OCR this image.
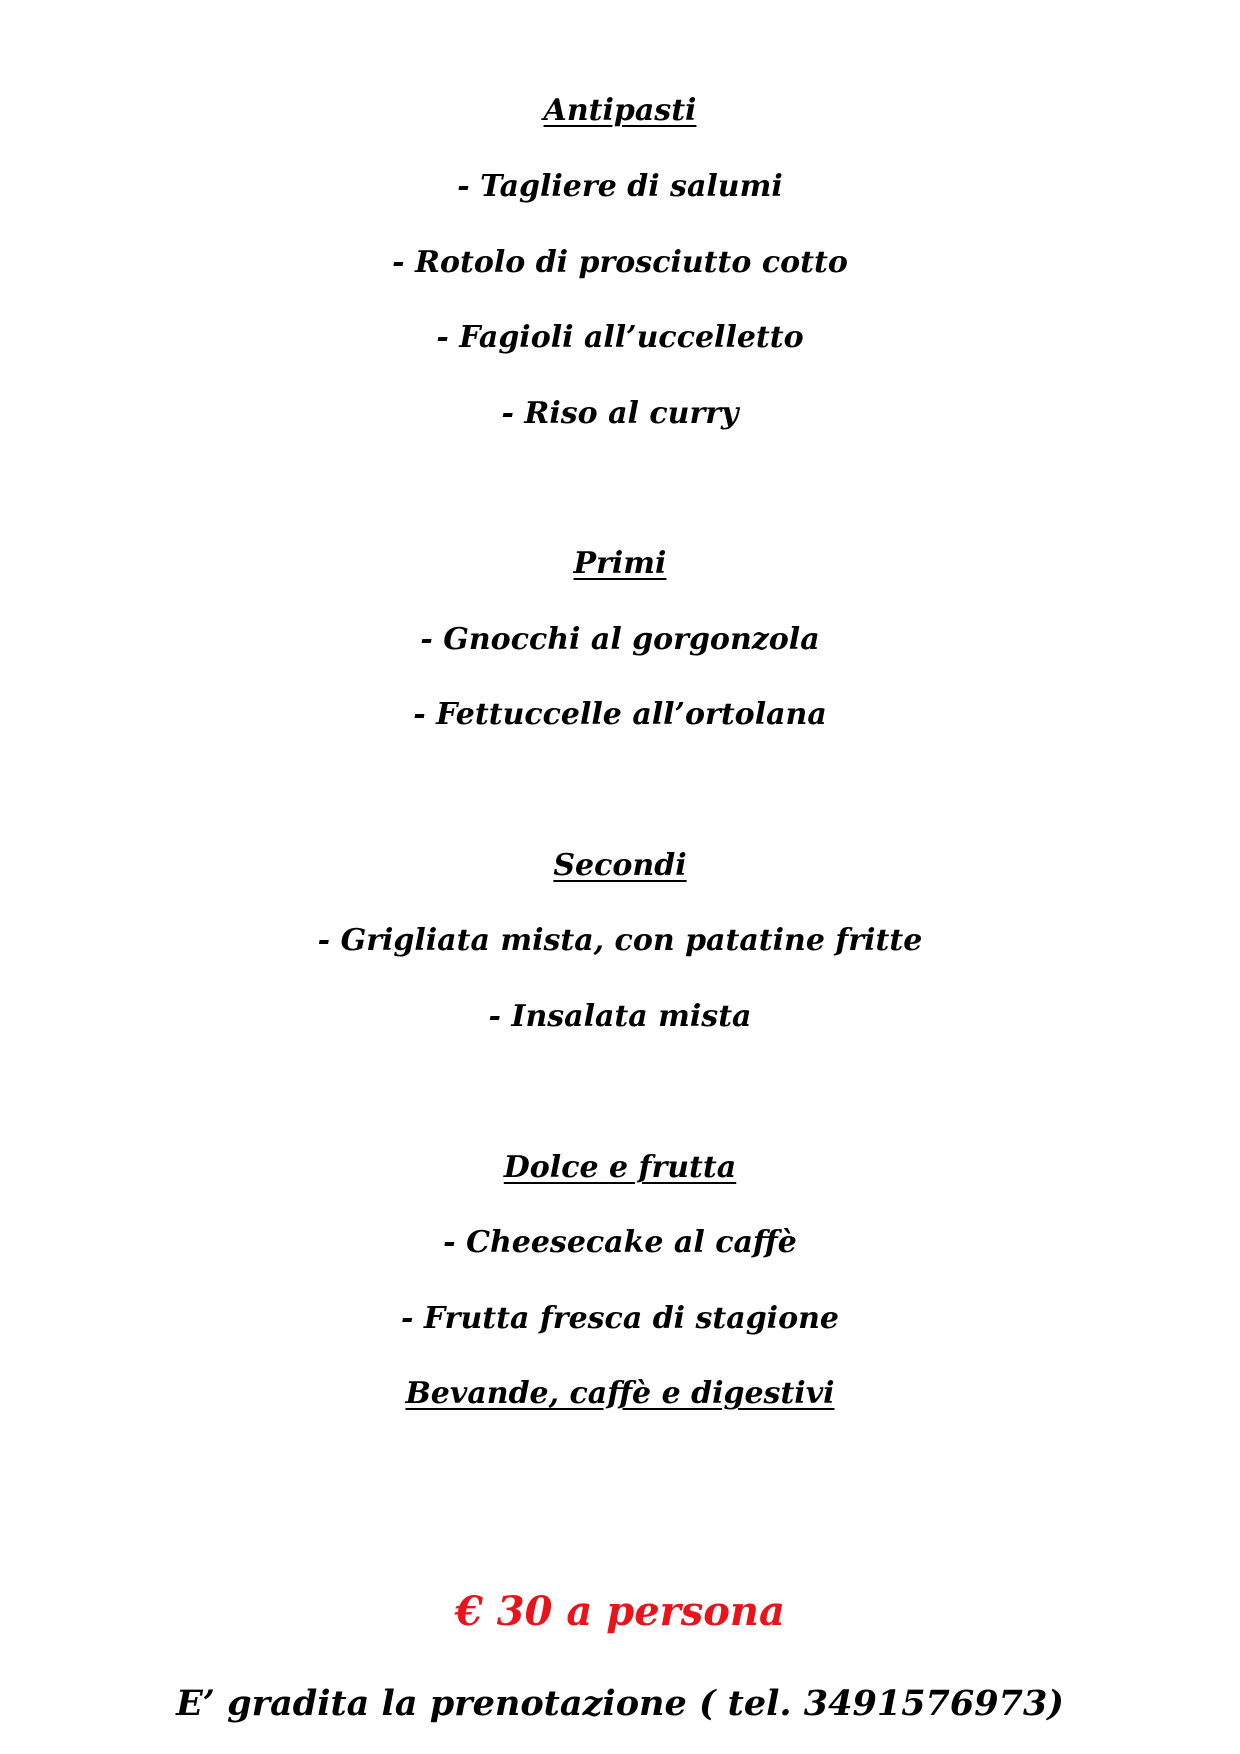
Antipasti
- Tagliere di salumi
- Rotolo di prosciutto cotto
- Fagioli all’uccelletto
- Riso al curry
Primi
- Gnocchi al gorgonzola
- Fettuccelle all’ortolana
Secondi
- Grigliata mista, con patatine fritte
- Insalata mista
Dolce e frutta
- Cheesecake al caffè
- Frutta fresca di stagione
Bevande, caffè e digestivi
€ 30 a persona
E’ gradita la prenotazione ( tel. 3491576973)
